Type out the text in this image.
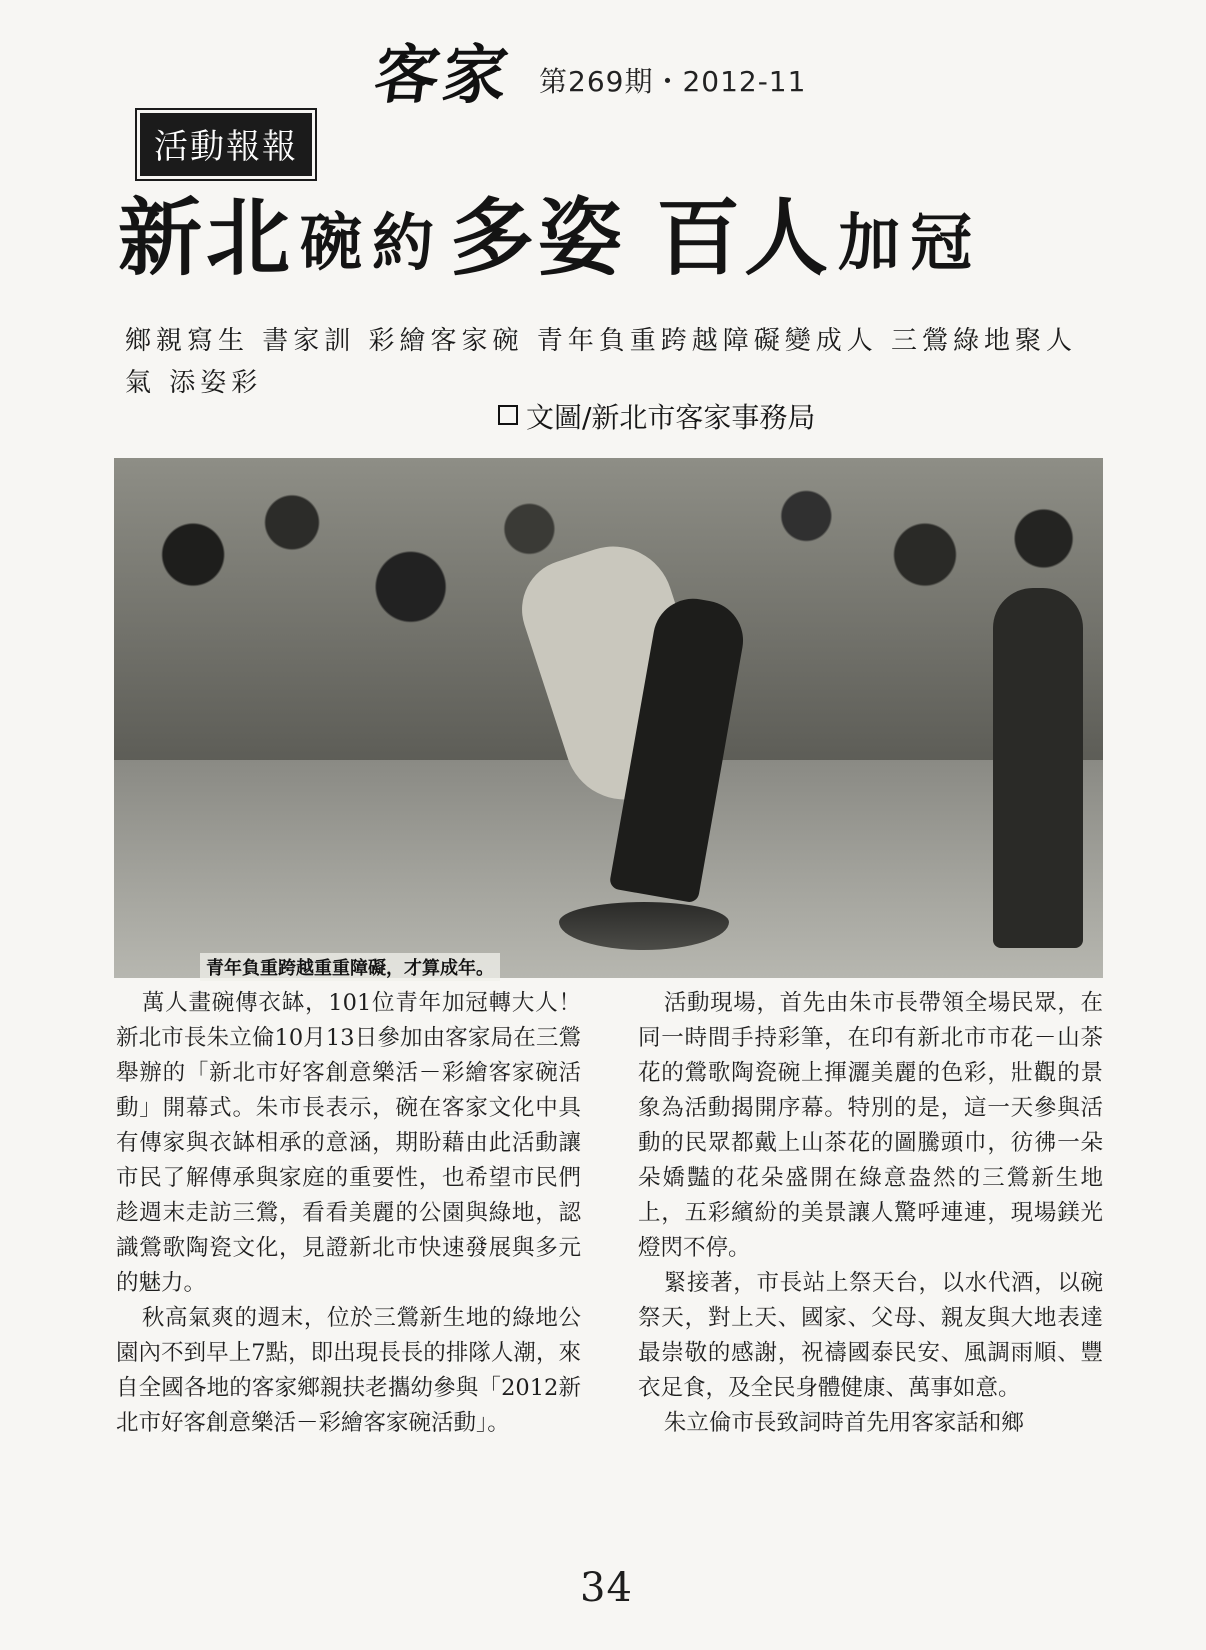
客家 第269期・2012-11
活動報報
新北 碗約 多姿 百人 加冠
鄉親寫生 書家訓 彩繪客家碗 青年負重跨越障礙變成人 三鶯綠地聚人氣 添姿彩
文圖/新北市客家事務局
青年負重跨越重重障礙，才算成年。

萬人畫碗傳衣缽，101位青年加冠轉大人！新北市長朱立倫10月13日參加由客家局在三鶯舉辦的「新北市好客創意樂活－彩繪客家碗活動」開幕式。朱市長表示，碗在客家文化中具有傳家與衣缽相承的意涵，期盼藉由此活動讓市民了解傳承與家庭的重要性，也希望市民們趁週末走訪三鶯，看看美麗的公園與綠地，認識鶯歌陶瓷文化，見證新北市快速發展與多元的魅力。

秋高氣爽的週末，位於三鶯新生地的綠地公園內不到早上7點，即出現長長的排隊人潮，來自全國各地的客家鄉親扶老攜幼參與「2012新北市好客創意樂活－彩繪客家碗活動」。

活動現場，首先由朱市長帶領全場民眾，在同一時間手持彩筆，在印有新北市市花－山茶花的鶯歌陶瓷碗上揮灑美麗的色彩，壯觀的景象為活動揭開序幕。特別的是，這一天參與活動的民眾都戴上山茶花的圖騰頭巾，彷彿一朵朵嬌豔的花朵盛開在綠意盎然的三鶯新生地上，五彩繽紛的美景讓人驚呼連連，現場鎂光燈閃不停。

緊接著，市長站上祭天台，以水代酒，以碗祭天，對上天、國家、父母、親友與大地表達最崇敬的感謝，祝禱國泰民安、風調雨順、豐衣足食，及全民身體健康、萬事如意。

朱立倫市長致詞時首先用客家話和鄉

34
